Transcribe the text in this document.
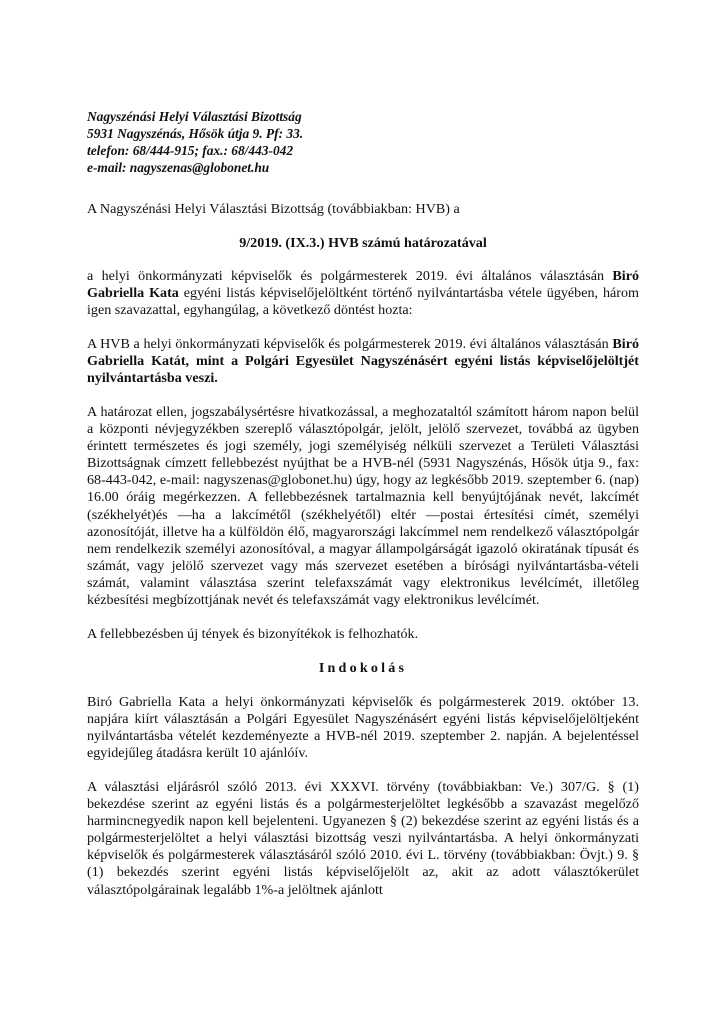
Nagyszénási Helyi Választási Bizottság
5931 Nagyszénás, Hősök útja 9. Pf: 33.
telefon: 68/444-915; fax.: 68/443-042
e-mail: nagyszenas@globonet.hu
A Nagyszénási Helyi Választási Bizottság (továbbiakban: HVB) a
9/2019. (IX.3.) HVB számú határozatával
a helyi önkormányzati képviselők és polgármesterek 2019. évi általános választásán Biró Gabriella Kata egyéni listás képviselőjelöltként történő nyilvántartásba vétele ügyében, három igen szavazattal, egyhangúlag, a következő döntést hozta:
A HVB a helyi önkormányzati képviselők és polgármesterek 2019. évi általános választásán Biró Gabriella Katát, mint a Polgári Egyesület Nagyszénásért egyéni listás képviselőjelöltjét nyilvántartásba veszi.
A határozat ellen, jogszabálysértésre hivatkozással, a meghozataltól számított három napon belül a központi névjegyzékben szereplő választópolgár, jelölt, jelölő szervezet, továbbá az ügyben érintett természetes és jogi személy, jogi személyiség nélküli szervezet a Területi Választási Bizottságnak címzett fellebbezést nyújthat be a HVB-nél (5931 Nagyszénás, Hősök útja 9., fax: 68-443-042, e-mail: nagyszenas@globonet.hu) úgy, hogy az legkésőbb 2019. szeptember 6. (nap) 16.00 óráig megérkezzen. A fellebbezésnek tartalmaznia kell benyújtójának nevét, lakcímét (székhelyét)és —ha a lakcímétől (székhelyétől) eltér —postai értesítési címét, személyi azonosítóját, illetve ha a külföldön élő, magyarországi lakcímmel nem rendelkező választópolgár nem rendelkezik személyi azonosítóval, a magyar állampolgárságát igazoló okiratának típusát és számát, vagy jelölő szervezet vagy más szervezet esetében a bírósági nyilvántartásba-vételi számát, valamint választása szerint telefaxszámát vagy elektronikus levélcímét, illetőleg kézbesítési megbízottjának nevét és telefaxszámát vagy elektronikus levélcímét.
A fellebbezésben új tények és bizonyítékok is felhozhatók.
Indokolás
Biró Gabriella Kata a helyi önkormányzati képviselők és polgármesterek 2019. október 13. napjára kiírt választásán a Polgári Egyesület Nagyszénásért egyéni listás képviselőjelöltjeként nyilvántartásba vételét kezdeményezte a HVB-nél 2019. szeptember 2. napján. A bejelentéssel egyidejűleg átadásra került 10 ajánlóív.
A választási eljárásról szóló 2013. évi XXXVI. törvény (továbbiakban: Ve.) 307/G. § (1) bekezdése szerint az egyéni listás és a polgármesterjelöltet legkésőbb a szavazást megelőző harmincnegyedik napon kell bejelenteni. Ugyanezen § (2) bekezdése szerint az egyéni listás és a polgármesterjelöltet a helyi választási bizottság veszi nyilvántartásba. A helyi önkormányzati képviselők és polgármesterek választásáról szóló 2010. évi L. törvény (továbbiakban: Övjt.) 9. § (1) bekezdés szerint egyéni listás képviselőjelölt az, akit az adott választókerület választópolgárainak legalább 1%-a jelöltnek ajánlott
